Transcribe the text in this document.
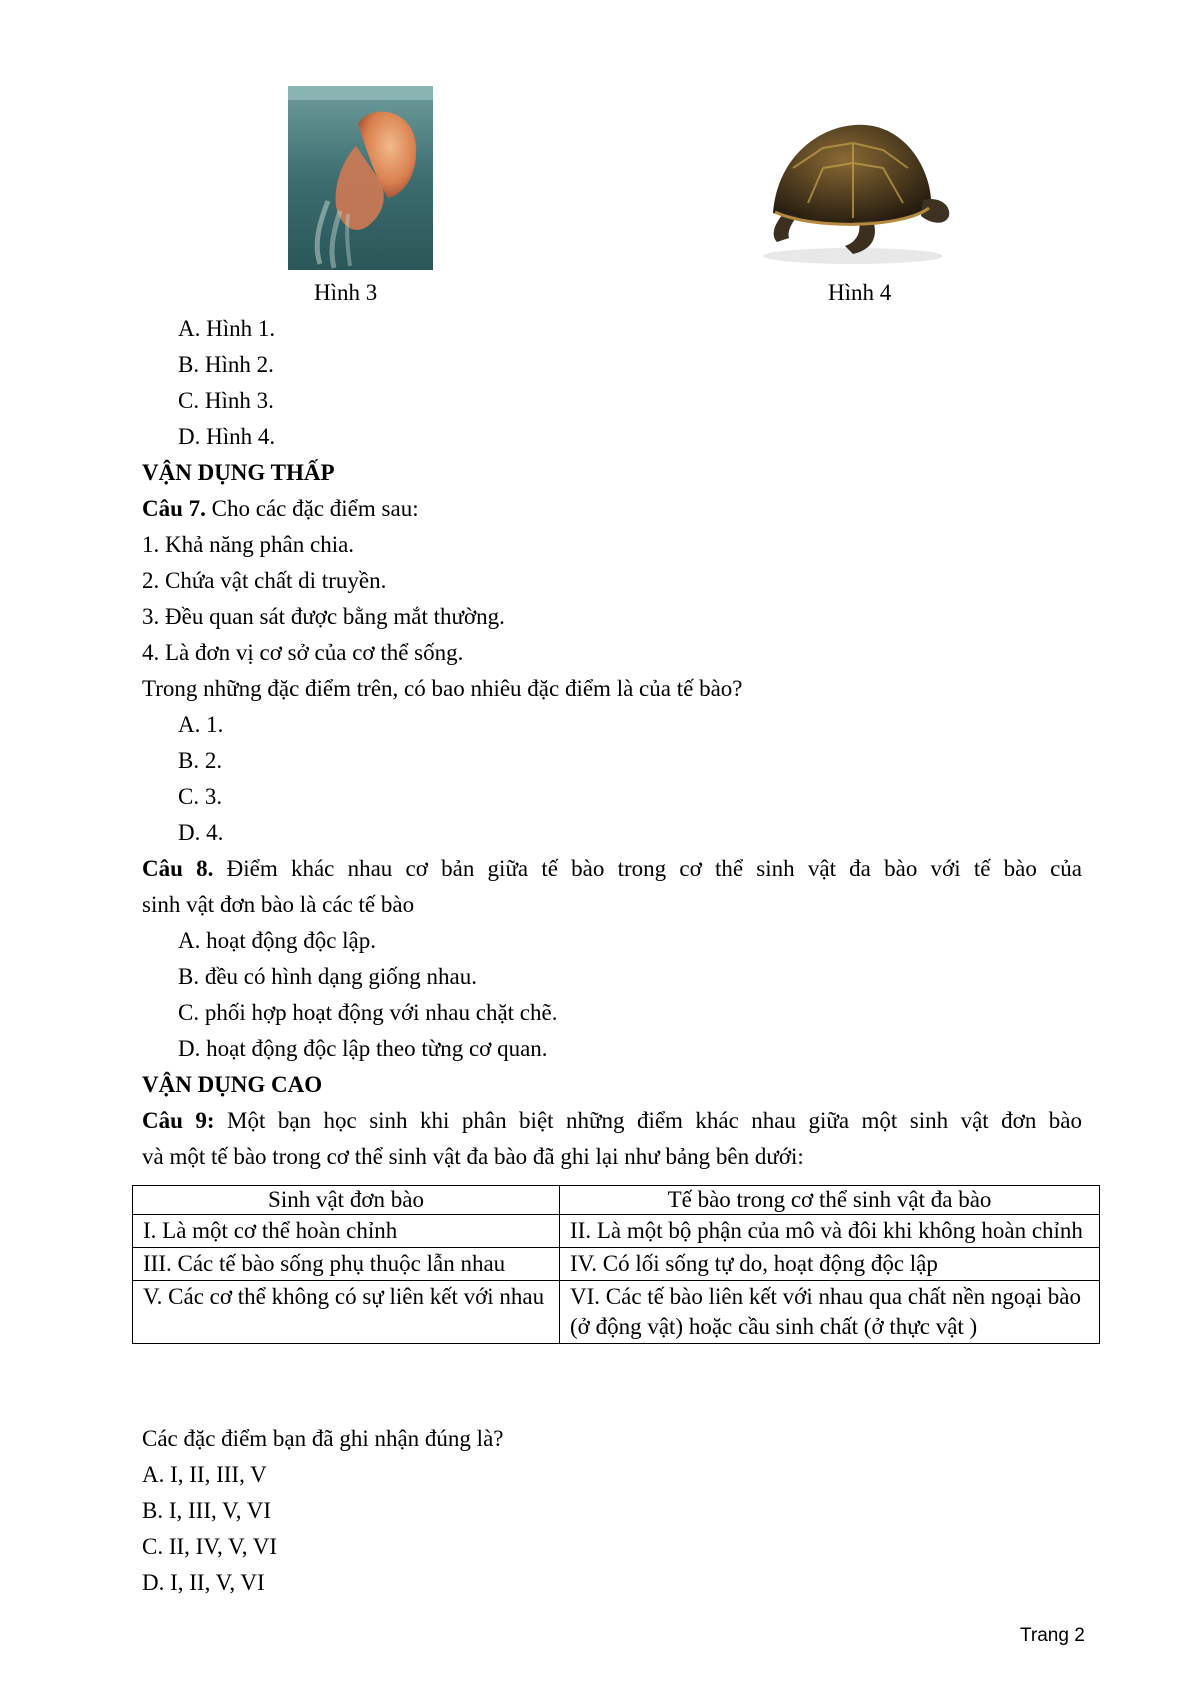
Hình 3	Hình 4
A. Hình 1.
B. Hình 2.
C. Hình 3.
D. Hình 4.
VẬN DỤNG THẤP
Câu 7. Cho các đặc điểm sau:
1. Khả năng phân chia.
2. Chứa vật chất di truyền.
3. Đều quan sát được bằng mắt thường.
4. Là đơn vị cơ sở của cơ thể sống.
Trong những đặc điểm trên, có bao nhiêu đặc điểm là của tế bào?
A. 1.
B. 2.
C. 3.
D. 4.
Câu 8. Điểm khác nhau cơ bản giữa tế bào trong cơ thể sinh vật đa bào với tế bào của
sinh vật đơn bào là các tế bào
A. hoạt động độc lập.
B. đều có hình dạng giống nhau.
C. phối hợp hoạt động với nhau chặt chẽ.
D. hoạt động độc lập theo từng cơ quan.
VẬN DỤNG CAO
Câu 9: Một bạn học sinh khi phân biệt những điểm khác nhau giữa một sinh vật đơn bào
và một tế bào trong cơ thể sinh vật đa bào đã ghi lại như bảng bên dưới:
Sinh vật đơn bào	Tế bào trong cơ thể sinh vật đa bào
I. Là một cơ thể hoàn chỉnh	II. Là một bộ phận của mô và đôi khi không hoàn chỉnh
III. Các tế bào sống phụ thuộc lẫn nhau	IV. Có lối sống tự do, hoạt động độc lập
V. Các cơ thể không có sự liên kết với nhau	VI. Các tế bào liên kết với nhau qua chất nền ngoại bào (ở động vật) hoặc cầu sinh chất (ở thực vật )
Các đặc điểm bạn đã ghi nhận đúng là?
A. I, II, III, V
B. I, III, V, VI
C. II, IV, V, VI
D. I, II, V, VI
Trang 2
